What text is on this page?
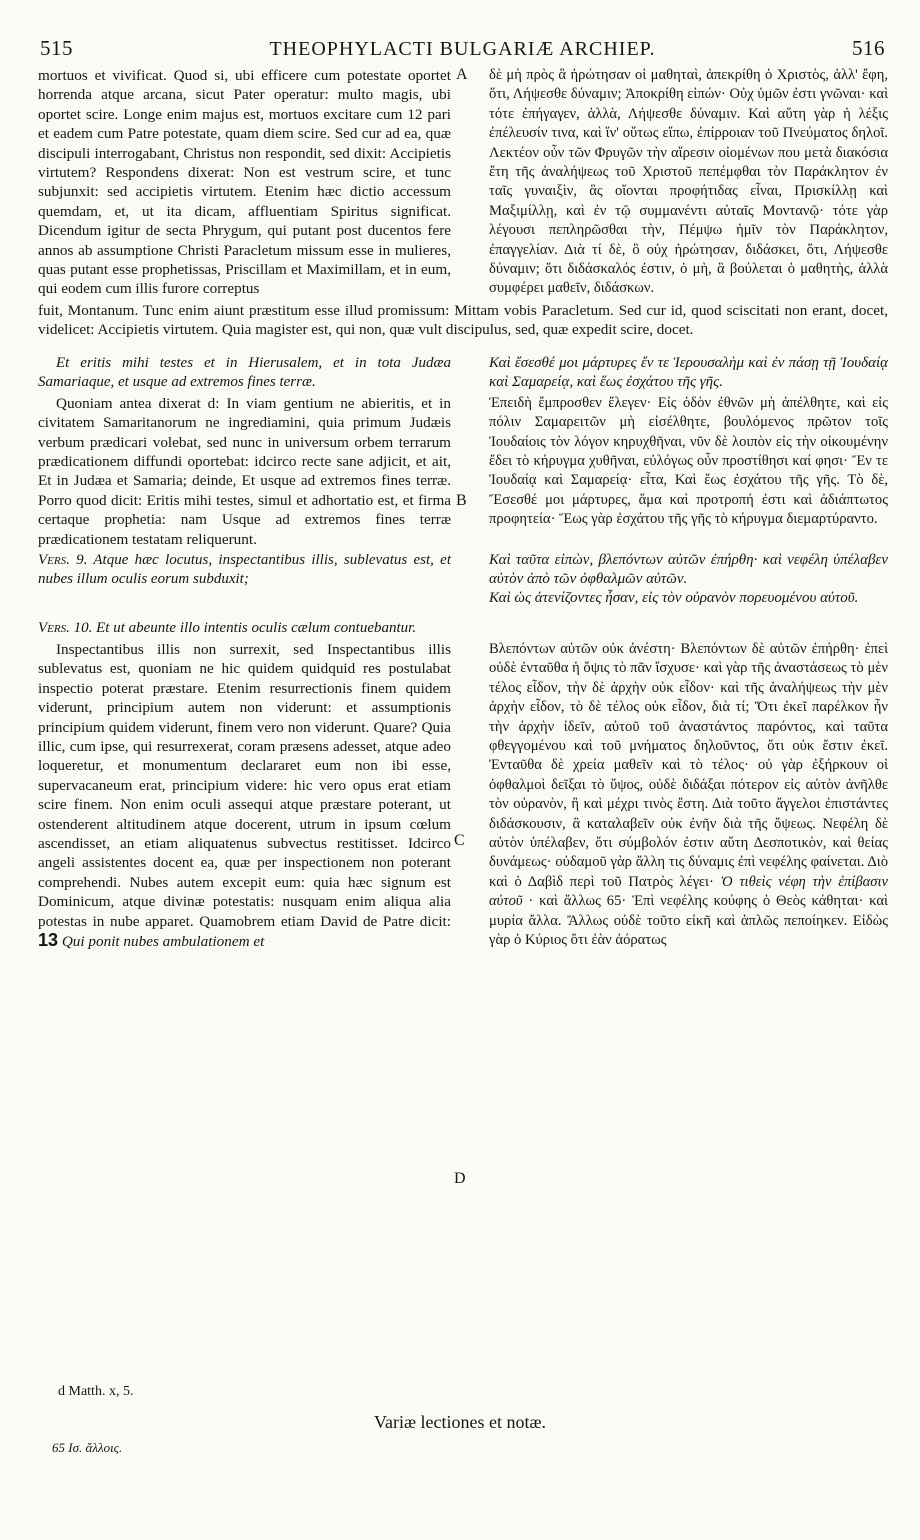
515	THEOPHYLACTI BULGARIÆ ARCHIEP.	516
A
B
C
D

mortuos et vivificat. Quod si, ubi efficere cum potestate oportet horrenda atque arcana, sicut Pater operatur: multo magis, ubi oportet scire. Longe enim majus est, mortuos excitare cum 12 pari et eadem cum Patre potestate, quam diem scire. Sed cur ad ea, quæ discipuli interrogabant, Christus non respondit, sed dixit: Accipietis virtutem? Respondens dixerat: Non est vestrum scire, et tunc subjunxit: sed accipietis virtutem. Etenim hæc dictio accessum quemdam, et, ut ita dicam, affluentiam Spiritus significat. Dicendum igitur de secta Phrygum, qui putant post ducentos fere annos ab assumptione Christi Paracletum missum esse in mulieres, quas putant esse prophetissas, Priscillam et Maximillam, et in eum, qui eodem cum illis furore correptus

δὲ μὴ πρὸς ἃ ἠρώτησαν οἱ μαθηταὶ, ἀπεκρίθη ὁ Χριστὸς, ἀλλ' ἔφη, ὅτι, Λήψεσθε δύναμιν; Ἀποκρίθη εἰπών· Οὐχ ὑμῶν ἐστι γνῶναι· καὶ τότε ἐπήγαγεν, ἀλλὰ, Λήψεσθε δύναμιν. Καὶ αὕτη γὰρ ἡ λέξις ἐπέλευσίν τινα, καὶ ἵν' οὕτως εἴπω, ἐπίρροιαν τοῦ Πνεύματος δηλοῖ. Λεκτέον οὖν τῶν Φρυγῶν τὴν αἵρεσιν οἰομένων που μετὰ διακόσια ἔτη τῆς ἀναλήψεως τοῦ Χριστοῦ πεπέμφθαι τὸν Παράκλητον ἐν ταῖς γυναιξὶν, ἃς οἴονται προφήτιδας εἶναι, Πρισκίλλῃ καὶ Μαξιμίλλῃ, καὶ ἐν τῷ συμμανέντι αὐταῖς Μοντανῷ· τότε γὰρ λέγουσι πεπληρῶσθαι τὴν, Πέμψω ἡμῖν τὸν Παράκλητον, ἐπαγγελίαν. Διὰ τί δὲ, ὃ οὐχ ἠρώτησαν, διδάσκει, ὅτι, Λήψεσθε δύναμιν; ὅτι διδάσκαλός ἐστιν, ὁ μὴ, ἃ βούλεται ὁ μαθητὴς, ἀλλὰ συμφέρει μαθεῖν, διδάσκων.

fuit, Montanum. Tunc enim aiunt præstitum esse illud promissum: Mittam vobis Paracletum. Sed cur id, quod sciscitati non erant, docet, videlicet: Accipietis virtutem. Quia magister est, qui non, quæ vult discipulus, sed, quæ expedit scire, docet.

Et eritis mihi testes et in Hierusalem, et in tota Judæa Samariaque, et usque ad extremos fines terræ.

Καὶ ἔσεσθέ μοι μάρτυρες ἔν τε Ἱερουσαλὴμ καὶ ἐν πάσῃ τῇ Ἰουδαίᾳ καὶ Σαμαρείᾳ, καὶ ἕως ἐσχάτου τῆς γῆς.

Quoniam antea dixerat d: In viam gentium ne abieritis, et in civitatem Samaritanorum ne ingrediamini, quia primum Judæis verbum prædicari volebat, sed nunc in universum orbem terrarum prædicationem diffundi oportebat: idcirco recte sane adjicit, et ait, Et in Judæa et Samaria; deinde, Et usque ad extremos fines terræ. Porro quod dicit: Eritis mihi testes, simul et adhortatio est, et firma certaque prophetia: nam Usque ad extremos fines terræ prædicationem testatam reliquerunt.

Ἐπειδὴ ἔμπροσθεν ἔλεγεν· Εἰς ὁδὸν ἐθνῶν μὴ ἀπέλθητε, καὶ εἰς πόλιν Σαμαρειτῶν μὴ εἰσέλθητε, βουλόμενος πρῶτον τοῖς Ἰουδαίοις τὸν λόγον κηρυχθῆναι, νῦν δὲ λοιπὸν εἰς τὴν οἰκουμένην ἔδει τὸ κήρυγμα χυθῆναι, εὐλόγως οὖν προστίθησι καί φησι· Ἔν τε Ἰουδαίᾳ καὶ Σαμαρείᾳ· εἶτα, Καὶ ἕως ἐσχάτου τῆς γῆς. Τὸ δὲ, Ἔσεσθέ μοι μάρτυρες, ἅμα καὶ προτροπή ἐστι καὶ ἀδιάπτωτος προφητεία· Ἕως γὰρ ἐσχάτου τῆς γῆς τὸ κήρυγμα διεμαρτύραντο.

Vers. 9. Atque hæc locutus, inspectantibus illis, sublevatus est, et nubes illum oculis eorum subduxit;

Vers. 10. Et ut abeunte illo intentis oculis cælum contuebantur.

Καὶ ταῦτα εἰπὼν, βλεπόντων αὐτῶν ἐπήρθη· καὶ νεφέλη ὑπέλαβεν αὐτὸν ἀπὸ τῶν ὀφθαλμῶν αὐτῶν.

Καὶ ὡς ἀτενίζοντες ἦσαν, εἰς τὸν οὐρανὸν πορευομένου αὐτοῦ.

Inspectantibus illis non surrexit, sed Inspectantibus illis sublevatus est, quoniam ne hic quidem quidquid res postulabat inspectio poterat præstare. Etenim resurrectionis finem quidem viderunt, principium autem non viderunt: et assumptionis principium quidem viderunt, finem vero non viderunt. Quare? Quia illic, cum ipse, qui resurrexerat, coram præsens adesset, atque adeo loqueretur, et monumentum declararet eum non ibi esse, supervacaneum erat, principium videre: hic vero opus erat etiam scire finem. Non enim oculi assequi atque præstare poterant, ut ostenderent altitudinem atque docerent, utrum in ipsum cœlum ascendisset, an etiam aliquatenus subvectus restitisset. Idcirco angeli assistentes docent ea, quæ per inspectionem non poterant comprehendi. Nubes autem excepit eum: quia hæc signum est Dominicum, atque divinæ potestatis: nusquam enim aliqua alia potestas in nube apparet. Quamobrem etiam David de Patre dicit: 13 Qui ponit nubes ambulationem et

Βλεπόντων αὐτῶν οὐκ ἀνέστη· Βλεπόντων δὲ αὐτῶν ἐπήρθη· ἐπεὶ οὐδὲ ἐνταῦθα ἡ ὄψις τὸ πᾶν ἴσχυσε· καὶ γὰρ τῆς ἀναστάσεως τὸ μὲν τέλος εἶδον, τὴν δὲ ἀρχὴν οὐκ εἶδον· καὶ τῆς ἀναλήψεως τὴν μὲν ἀρχὴν εἶδον, τὸ δὲ τέλος οὐκ εἶδον, διὰ τί; Ὅτι ἐκεῖ παρέλκον ἦν τὴν ἀρχὴν ἰδεῖν, αὐτοῦ τοῦ ἀναστάντος παρόντος, καὶ ταῦτα φθεγγομένου καὶ τοῦ μνήματος δηλοῦντος, ὅτι οὐκ ἔστιν ἐκεῖ. Ἐνταῦθα δὲ χρεία μαθεῖν καὶ τὸ τέλος· οὐ γὰρ ἐξήρκουν οἱ ὀφθαλμοὶ δεῖξαι τὸ ὕψος, οὐδὲ διδάξαι πότερον εἰς αὐτὸν ἀνῆλθε τὸν οὐρανὸν, ἢ καὶ μέχρι τινὸς ἔστη. Διὰ τοῦτο ἄγγελοι ἐπιστάντες διδάσκουσιν, ἃ καταλαβεῖν οὐκ ἐνῆν διὰ τῆς ὄψεως. Νεφέλη δὲ αὐτὸν ὑπέλαβεν, ὅτι σύμβολόν ἐστιν αὕτη Δεσποτικὸν, καὶ θείας δυνάμεως· οὐδαμοῦ γὰρ ἄλλη τις δύναμις ἐπὶ νεφέλης φαίνεται. Διὸ καὶ ὁ Δαβὶδ περὶ τοῦ Πατρὸς λέγει· Ὁ τιθεὶς νέφη τὴν ἐπίβασιν αὐτοῦ · καὶ ἄλλως 65· Ἐπὶ νεφέλης κούφης ὁ Θεὸς κάθηται· καὶ μυρία ἄλλα. Ἄλλως οὐδὲ τοῦτο εἰκῆ καὶ ἁπλῶς πεποίηκεν. Εἰδὼς γὰρ ὁ Κύριος ὅτι ἐὰν ἀόρατως

d Matth. x, 5.
Variæ lectiones et notæ.
65 Ισ. ἄλλοις.
